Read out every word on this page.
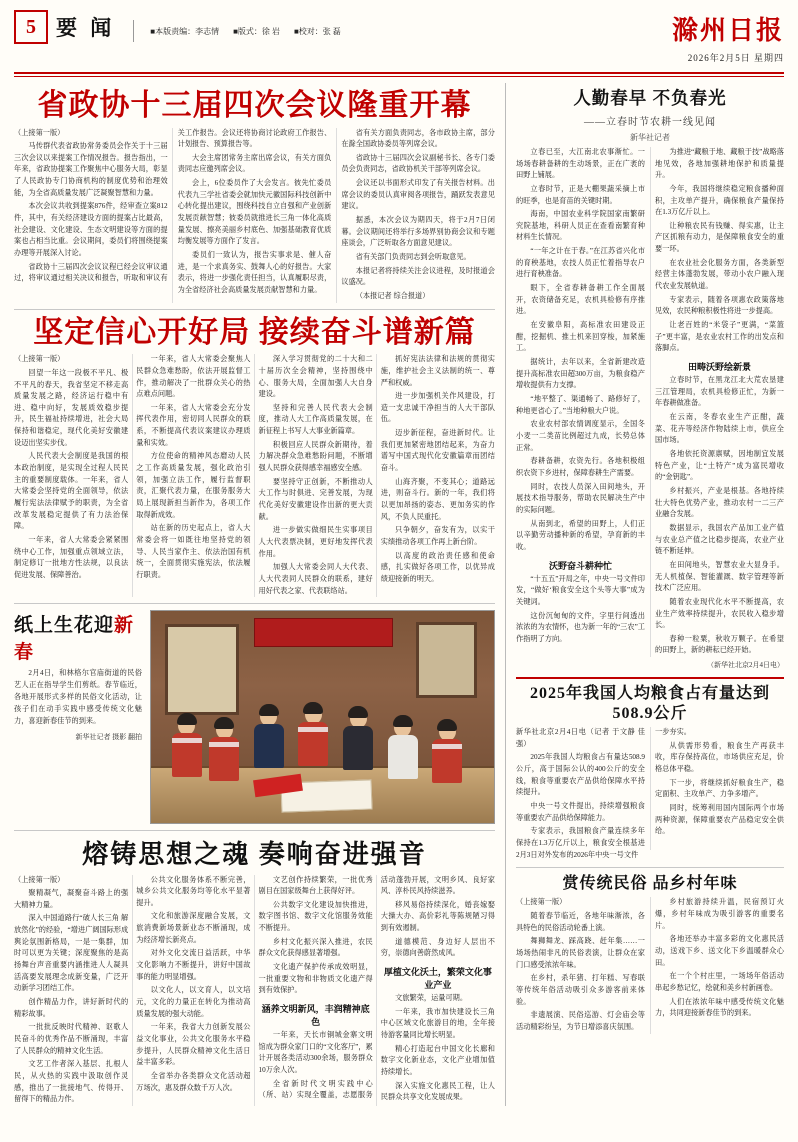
5 要 闻	■本版责编：李志情 ■版式：徐 岩 ■校对：张 磊	滁州日报
2026年2月5日 星期四
省政协十三届四次会议隆重开幕

（上接第一版）

马传群代表省政协常务委员会作关于十三届三次会议以来提案工作情况报告。报告指出，一年来，省政协提案工作聚焦中心服务大局，彰显了人民政协专门协商机构的制度优势和治理效能，为全省高质量发展广泛凝聚智慧和力量。

本次会议共收到提案876件，经审查立案812件，其中，有关经济建设方面的提案占比最高，社会建设、文化建设、生态文明建设等方面的提案也占相当比重。会议期间，委员们将围绕提案办理等开展深入讨论。

省政协十三届四次会议议程已经会议审议通过，将审议通过相关决议和报告，听取和审议有关工作报告。会议还将协商讨论政府工作报告、计划报告、预算报告等。

大会主席团常务主席出席会议，有关方面负责同志应邀列席会议。

会上，6位委员作了大会发言。彼先忙委员代表九三学社省委会就加快元徽国际科技创新中心转化提出建议，围绕科技自立自强和产业创新发展贡献智慧；彼委员就推进长三角一体化高质量发展、擦亮美丽乡村底色、加强基础教育优质均衡发展等方面作了发言。

委员们一致认为，报告实事求是、催人奋进，是一个求真务实、鼓舞人心的好报告。大家表示，将进一步强化责任担当，认真履职尽责，为全省经济社会高质量发展贡献智慧和力量。

省有关方面负责同志，各市政协主席，部分在滁全国政协委员等列席会议。

省政协十三届四次会议副秘书长、各专门委员会负责同志，省政协机关干部等列席会议。

会议还以书面形式印发了有关报告材料。出席会议的委员认真审阅各项报告，踊跃发表意见建议。

据悉，本次会议为期四天，将于2月7日闭幕。会议期间还将举行多场界别协商会议和专题座谈会，广泛听取各方面意见建议。

省有关部门负责同志到会听取意见。

本报记者将持续关注会议进程，及时报道会议盛况。

（本报记者 综合报道）

坚定信心开好局 接续奋斗谱新篇

（上接第一版）

回望一年这一段极不平凡、极不平凡的春天，我省坚定不移走高质量发展之路，经济运行稳中有进、稳中向好，发展质效稳步提升，民生福祉持续增进，社会大局保持和谐稳定，现代化美好安徽建设迈出坚实步伐。

人民代表大会制度是我国的根本政治制度，是实现全过程人民民主的重要制度载体。一年来，省人大常委会坚持党的全面领导，依法履行宪法法律赋予的职责，为全省改革发展稳定提供了有力法治保障。

一年来，省人大常委会紧紧围绕中心工作，加强重点领域立法，制定修订一批地方性法规，以良法促进发展、保障善治。

一年来，省人大常委会聚焦人民群众急难愁盼，依法开展监督工作，推动解决了一批群众关心的热点难点问题。

一年来，省人大常委会充分发挥代表作用，密切同人民群众的联系，不断提高代表议案建议办理质量和实效。

方位使命的精神风态磨动人民之工作高质量发展，强化政治引领，加强立法工作，履行监督职责，汇聚代表力量，在服务服务大局上展现新担当新作为，各项工作取得新成效。

站在新的历史起点上，省人大常委会将一如既往地坚持党的领导、人民当家作主、依法治国有机统一，全面贯彻实施宪法，依法履行职责。

深入学习贯彻党的二十大和二十届历次全会精神，坚持围绕中心、服务大局，全面加强人大自身建设。

坚持和完善人民代表大会制度，推动人大工作高质量发展，在新征程上书写人大事业新篇章。

积极回应人民群众新期待，着力解决群众急难愁盼问题，不断增强人民群众获得感幸福感安全感。

要坚持守正创新，不断推动人大工作与时俱进、完善发展，为现代化美好安徽建设作出新的更大贡献。

进一步做实做细民生实事项目人大代表票决制，更好地发挥代表作用。

加强人大常委会同人大代表、人大代表同人民群众的联系，建好用好代表之家、代表联络站。

抓好宪法法律和法规的贯彻实施，维护社会主义法制的统一、尊严和权威。

进一步加强机关作风建设，打造一支忠诚干净担当的人大干部队伍。

迈步新征程，奋进新时代。让我们更加紧密地团结起来，为奋力谱写中国式现代化安徽篇章而团结奋斗。

山海齐聚，不变其心；道路远进，则奋斗行。新的一年，我们将以更加昂扬的姿态、更加务实的作风，不负人民重托。

只争朝夕，奋发有为，以实干实绩推动各项工作再上新台阶。

以高度的政治责任感和使命感，扎实做好各项工作，以优异成绩迎接新的明天。

纸上生花迎新春
2月4日，和林格尔官庙街道的民俗艺人正在指导学生们剪纸。春节临近，各地开展形式多样的民俗文化活动，让孩子们在动手实践中感受传统文化魅力，喜迎新春佳节的到来。
新华社记者 摄影 翻拍
熔铸思想之魂 奏响奋进强音

（上接第一版）

聚精凝气，凝聚奋斗路上的强大精神力量。

深入中国道路行“破人长三角 解放然化”的经验，“增进广阔国际形成舆论氛围新格局，一是一集群，加时可以更为关键；深度聚焦的是高扬舞台声音重要内涵推进人人凝具活高要发展理念成新变量，广泛开动新学习团结工作。

创作精品力作，讲好新时代的精彩故事。

一批批反映时代精神、讴歌人民奋斗的优秀作品不断涌现，丰富了人民群众的精神文化生活。

文艺工作者深入基层、扎根人民，从火热的实践中汲取创作灵感，推出了一批接地气、传得开、留得下的精品力作。

公共文化服务体系不断完善，城乡公共文化服务均等化水平显著提升。

文化和旅游深度融合发展，文旅消费新场景新业态不断涌现，成为经济增长新亮点。

对外文化交流日益活跃，中华文化影响力不断提升，讲好中国故事的能力明显增强。

以文化人，以文育人，以文培元，文化的力量正在转化为推动高质量发展的强大动能。

一年来，我省大力创新发展公益文化事业，公共文化服务水平稳步提升，人民群众精神文化生活日益丰富多彩。

全省举办各类群众文化活动超万场次，惠及群众数千万人次。

文艺创作持续繁荣，一批优秀剧目在国家级舞台上获得好评。

公共数字文化建设加快推进，数字图书馆、数字文化馆服务效能不断提升。

乡村文化振兴深入推进，农民群众文化获得感显著增强。

文化遗产保护传承成效明显，一批重要文物和非物质文化遗产得到有效保护。

涵养文明新风，丰润精神底色

一年来，天长市铜城金寨文明馆成为群众家门口的“文化客厅”，累计开展各类活动300余场，服务群众10万余人次。

全省新时代文明实践中心（所、站）实现全覆盖，志愿服务活动蓬勃开展，文明乡风、良好家风、淳朴民风持续滋养。

移风易俗持续深化，婚丧嫁娶大操大办、高价彩礼等陈规陋习得到有效遏制。

道德模范、身边好人层出不穷，崇德向善蔚然成风。

厚植文化沃土，繁荣文化事业产业

文旅繁荣，运量可期。

一年来，我市加快建设长三角中心区域文化旅游目的地，全年接待游客量同比增长明显。

精心打造起台中国文化长廊和数字文化新业态，文化产业增加值持续增长。

深入实施文化惠民工程，让人民群众共享文化发展成果。

人勤春早 不负春光
——立春时节农耕一线见闻
新华社记者

立春已至，大江南北农事渐忙。一场场春耕备耕的生动场景，正在广袤的田野上铺展。

立春时节，正是大棚果蔬采摘上市的旺季，也是育苗的关键时期。

海南，中国农业科学院国家南繁研究院基地，科研人员正在查看南繁育种材料生长情况。

“一年之计在于春。”在江苏省兴化市的育秧基地，农技人员正忙着指导农户进行育秧准备。

眼下，全省春耕备耕工作全面展开，农资储备充足，农机具检修有序推进。

在安徽阜阳，高标准农田建设正酣，挖掘机、推土机来回穿梭，加紧施工。

据统计，去年以来，全省新建改造提升高标准农田超300万亩，为粮食稳产增收提供有力支撑。

“地平整了、渠通畅了、路修好了，种地更省心了。”当地种粮大户说。

农业农村部农情调度显示，全国冬小麦一二类苗比例超过九成，长势总体正常。

春耕备耕，农资先行。各地积极组织农资下乡进村，保障春耕生产需要。

同时，农技人员深入田间地头，开展技术指导服务，帮助农民解决生产中的实际问题。

从南到北，希望的田野上，人们正以辛勤劳动播种新的希望，孕育新的丰收。

沃野奋斗耕种忙

“十五五”开局之年，中央一号文件印发，“做好‘粮食安全这个头等大事”成为关键词。

这份沉甸甸的文件，字里行间透出浓浓的为农情怀，也为新一年的“三农”工作指明了方向。

为推进“藏粮于地、藏粮于技”战略落地见效，各地加强耕地保护和质量提升。

今年，我国将继续稳定粮食播种面积，主攻单产提升，确保粮食产量保持在1.3万亿斤以上。

让种粮农民有钱赚、得实惠，让主产区抓粮有动力，是保障粮食安全的重要一环。

在农业社会化服务方面，各类新型经营主体蓬勃发展，带动小农户融入现代农业发展轨道。

专家表示，随着各项惠农政策落地见效，农民种粮积极性将进一步提高。

让老百姓的“米袋子”更满，“菜篮子”更丰富，是农业农村工作的出发点和落脚点。

田畴沃野绘新景

立春时节，在黑龙江北大荒农垦建三江管理局，农机具检修正忙，为新一年春耕做准备。

在云南，冬春农业生产正酣，蔬菜、花卉等经济作物陆续上市，供应全国市场。

各地依托资源禀赋，因地制宜发展特色产业，让“土特产”成为富民增收的“金钥匙”。

乡村振兴，产业是根基。各地持续壮大特色优势产业，推动农村一二三产业融合发展。

数据显示，我国农产品加工业产值与农业总产值之比稳步提高，农业产业链不断延伸。

在田间地头，智慧农业大显身手。无人机植保、智能灌溉、数字管理等新技术广泛应用。

随着农业现代化水平不断提高，农业生产效率持续提升，农民收入稳步增长。

春种一粒粟，秋收万颗子。在希望的田野上，新的耕耘已经开始。

（新华社北京2月4日电）
2025年我国人均粮食占有量达到508.9公斤

新华社北京2月4日电（记者 于文静 佳强）

2025年我国人均粮食占有量达508.9公斤，高于国际公认的400公斤的安全线，粮食等重要农产品供给保障水平持续提升。

中央一号文件提出，持续增强粮食等重要农产品供给保障能力。

专家表示，我国粮食产量连续多年保持在1.3万亿斤以上，粮食安全根基进一步夯实。

从供需形势看，粮食生产再获丰收，库存保持高位，市场供应充足，价格总体平稳。

下一步，将继续抓好粮食生产，稳定面积、主攻单产、力争多增产。

同时，统筹利用国内国际两个市场两种资源，保障重要农产品稳定安全供给。

2月3日对外发布的2026年中央一号文件

赏传统民俗 品乡村年味

（上接第一版）

随着春节临近，各地年味渐浓，各具特色的民俗活动轮番上演。

舞狮舞龙、踩高跷、赶年集……一场场热闹非凡的民俗表演，让群众在家门口感受浓浓年味。

在乡村，杀年猪、打年糕、写春联等传统年俗活动吸引众多游客前来体验。

非遗展演、民俗巡游、灯会庙会等活动精彩纷呈，为节日增添喜庆氛围。

乡村旅游持续升温，民宿预订火爆，乡村年味成为吸引游客的重要名片。

各地还举办丰富多彩的文化惠民活动，送戏下乡、送文化下乡温暖群众心田。

在一个个村庄里，一场场年俗活动串起乡愁记忆，绘就和美乡村新画卷。

人们在浓浓年味中感受传统文化魅力，共同迎接新春佳节的到来。
